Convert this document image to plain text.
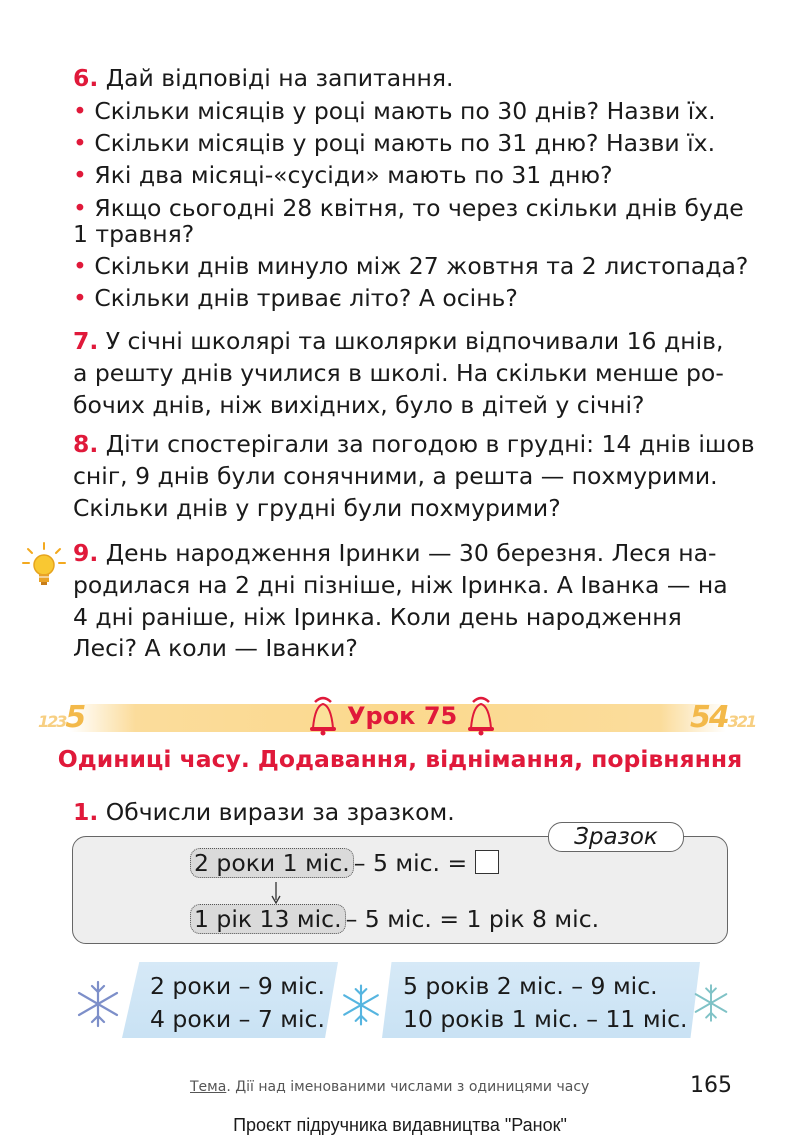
6. Дай відповіді на запитання.
• Скільки місяців у році мають по 30 днів? Назви їх.
• Скільки місяців у році мають по 31 дню? Назви їх.
• Які два місяці-«сусіди» мають по 31 дню?
• Якщо сьогодні 28 квітня, то через скільки днів буде
1 травня?
• Скільки днів минуло між 27 жовтня та 2 листопада?
• Скільки днів триває літо? А осінь?
7. У січні школярі та школярки відпочивали 16 днів,
а решту днів училися в школі. На скільки менше ро-
бочих днів, ніж вихідних, було в дітей у січні?
8. Діти спостерігали за погодою в грудні: 14 днів ішов
сніг, 9 днів були сонячними, а решта — похмурими.
Скільки днів у грудні були похмурими?
9. День народження Іринки — 30 березня. Леся на-
родилася на 2 дні пізніше, ніж Іринка. А Іванка — на
4 дні раніше, ніж Іринка. Коли день народження
Лесі? А коли — Іванки?
1235	54321
Урок 75
Одиниці часу. Додавання, віднімання, порівняння
1. Обчисли вирази за зразком.
Зразок
2 роки 1 міс. – 5 міс. =
1 рік 13 міс. – 5 міс. = 1 рік 8 міс.
2 роки – 9 міс.
4 роки – 7 міс.
5 років 2 міс. – 9 міс.
10 років 1 міс. – 11 міс.
Тема. Дії над іменованими числами з одиницями часу	165
Проєкт підручника видавництва "Ранок"
